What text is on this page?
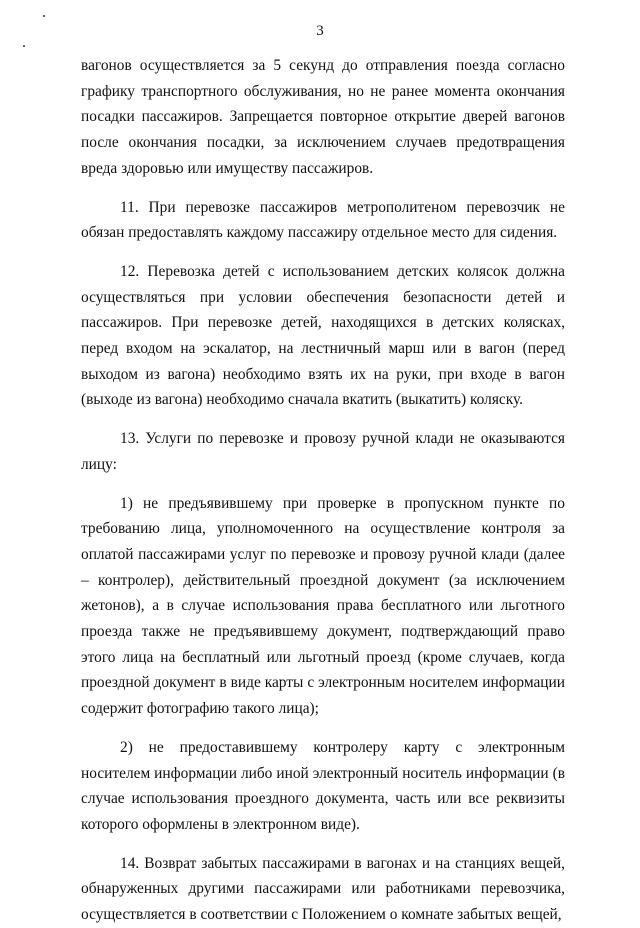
3

вагонов осуществляется за 5 секунд до отправления поезда согласно графику транспортного обслуживания, но не ранее момента окончания посадки пассажиров. Запрещается повторное открытие дверей вагонов после окончания посадки, за исключением случаев предотвращения вреда здоровью или имуществу пассажиров.

11. При перевозке пассажиров метрополитеном перевозчик не обязан предоставлять каждому пассажиру отдельное место для сидения.

12. Перевозка детей с использованием детских колясок должна осуществляться при условии обеспечения безопасности детей и пассажиров. При перевозке детей, находящихся в детских колясках, перед входом на эскалатор, на лестничный марш или в вагон (перед выходом из вагона) необходимо взять их на руки, при входе в вагон (выходе из вагона) необходимо сначала вкатить (выкатить) коляску.

13. Услуги по перевозке и провозу ручной клади не оказываются лицу:

1) не предъявившему при проверке в пропускном пункте по требованию лица, уполномоченного на осуществление контроля за оплатой пассажирами услуг по перевозке и провозу ручной клади (далее – контролер), действительный проездной документ (за исключением жетонов), а в случае использования права бесплатного или льготного проезда также не предъявившему документ, подтверждающий право этого лица на бесплатный или льготный проезд (кроме случаев, когда проездной документ в виде карты с электронным носителем информации содержит фотографию такого лица);

2) не предоставившему контролеру карту с электронным носителем информации либо иной электронный носитель информации (в случае использования проездного документа, часть или все реквизиты которого оформлены в электронном виде).

14. Возврат забытых пассажирами в вагонах и на станциях вещей, обнаруженных другими пассажирами или работниками перевозчика, осуществляется в соответствии с Положением о комнате забытых вещей,
